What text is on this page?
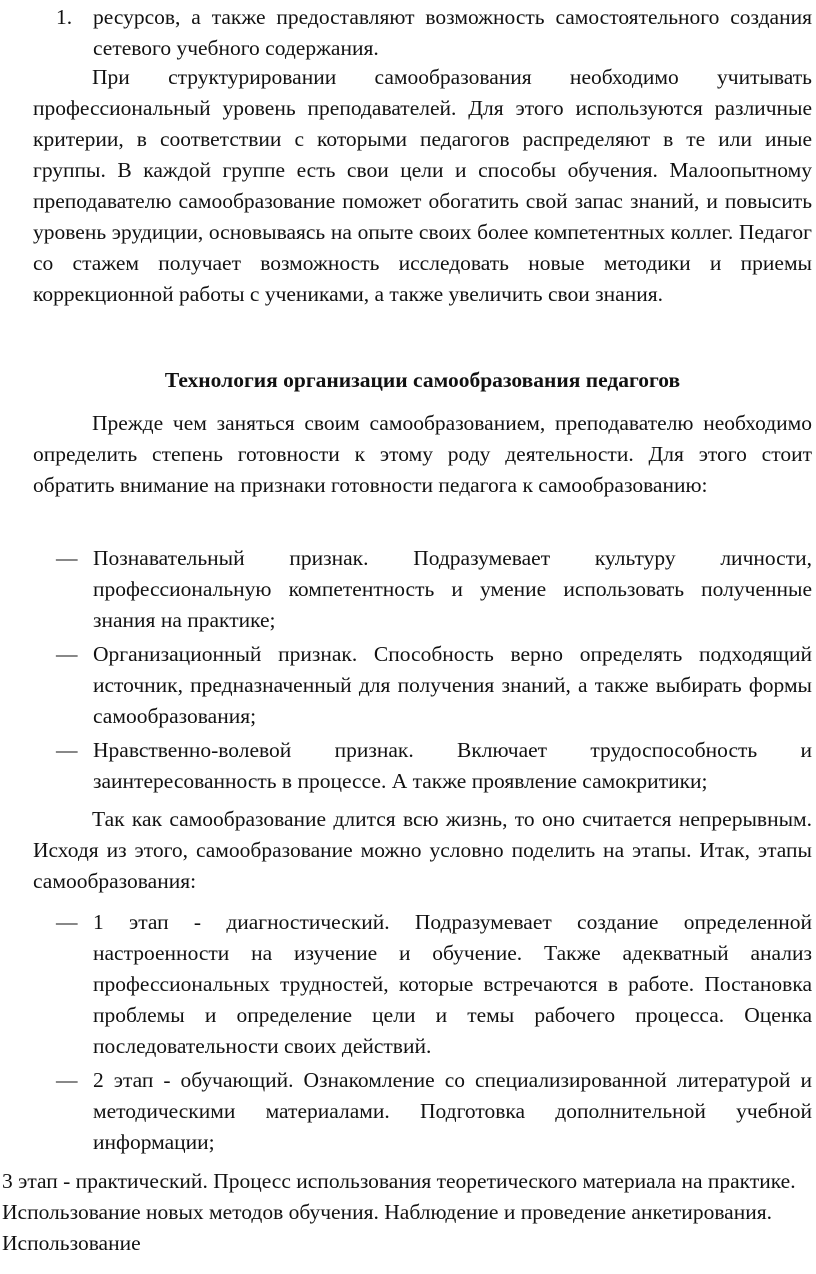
1. ресурсов, а также предоставляют возможность самостоятельного создания сетевого учебного содержания.

При структурировании самообразования необходимо учитывать профессиональный уровень преподавателей. Для этого используются различные критерии, в соответствии с которыми педагогов распределяют в те или иные группы. В каждой группе есть свои цели и способы обучения. Малоопытному преподавателю самообразование поможет обогатить свой запас знаний, и повысить уровень эрудиции, основываясь на опыте своих более компетентных коллег. Педагог со стажем получает возможность исследовать новые методики и приемы коррекционной работы с учениками, а также увеличить свои знания.

Технология организации самообразования педагогов

Прежде чем заняться своим самообразованием, преподавателю необходимо определить степень готовности к этому роду деятельности. Для этого стоит обратить внимание на признаки готовности педагога к самообразованию:

— Познавательный признак. Подразумевает культуру личности, профессиональную компетентность и умение использовать полученные знания на практике;
— Организационный признак. Способность верно определять подходящий источник, предназначенный для получения знаний, а также выбирать формы самообразования;
— Нравственно-волевой признак. Включает трудоспособность и заинтересованность в процессе. А также проявление самокритики;

Так как самообразование длится всю жизнь, то оно считается непрерывным. Исходя из этого, самообразование можно условно поделить на этапы. Итак, этапы самообразования:

— 1 этап - диагностический. Подразумевает создание определенной настроенности на изучение и обучение. Также адекватный анализ профессиональных трудностей, которые встречаются в работе. Постановка проблемы и определение цели и темы рабочего процесса. Оценка последовательности своих действий.
— 2 этап - обучающий. Ознакомление со специализированной литературой и методическими материалами. Подготовка дополнительной учебной информации;

3 этап - практический. Процесс использования теоретического материала на практике. Использование новых методов обучения. Наблюдение и проведение анкетирования. Использование
